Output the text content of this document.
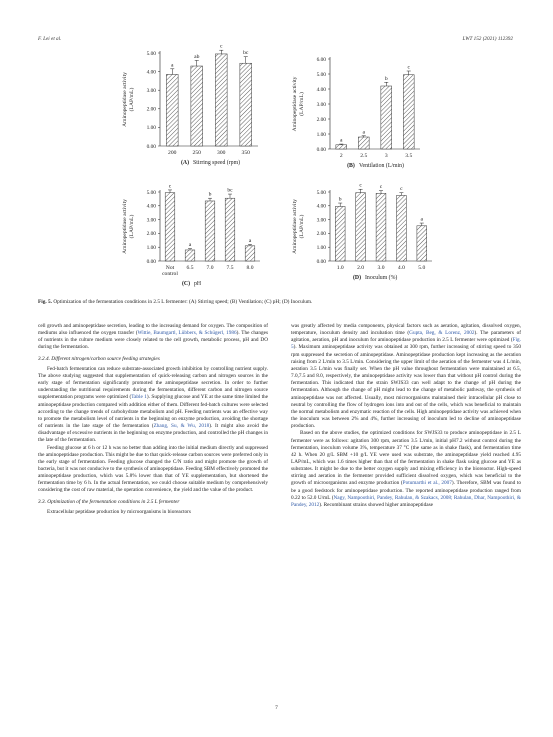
F. Lei et al.	LWT 152 (2021) 112392
0.00
1.00
2.00
3.00
4.00
5.00
Aminopeptidase activity (LAP/mL)
a
200
ab
250
c
300
bc
350
(A) Stirring speed (rpm)
0.00
1.00
2.00
3.00
4.00
5.00
6.00
Aminopeptidase activity (LAP/mL)
a
2
a
2.5
b
3
c
3.5
(B) Ventilation (L/min)
0.00
1.00
2.00
3.00
4.00
5.00
Aminopeptidase activity (LAP/mL)
c
Not
control
a
6.5
b
7.0
bc
7.5
a
8.0
(C) pH
0.00
1.00
2.00
3.00
4.00
5.00
Aminopeptidase activity (LAP/mL)
b
1.0
c
2.0
c
3.0
c
4.0
a
5.0
(D) Inoculum (%)
Fig. 5. Optimization of the fermentation conditions in 2.5 L fermenter: (A) Stirring speed; (B) Ventilation; (C) pH; (D) Inoculum.

cell growth and aminopeptidase secretion, leading to the increasing demand for oxygen. The composition of mediums also influenced the oxygen transfer (Wittie, Baumgartl, Lübbers, & Schügerl, 1986). The changes of nutrients in the culture medium were closely related to the cell growth, metabolic process, pH and DO during the fermentation.

3.2.4. Different nitrogen/carbon source feeding strategies

Fed-batch fermentation can reduce substrate-associated growth inhibition by controlling nutrient supply. The above studying suggested that supplementation of quick-releasing carbon and nitrogen sources in the early stage of fermentation significantly promoted the aminopeptidase secretion. In order to further understanding the nutritional requirements during the fermentation, different carbon and nitrogen source supplementation programs were optimized (Table 1). Supplying glucose and YE at the same time limited the aminopeptidase production compared with addition either of them. Different fed-batch cultures were selected according to the change trends of carbohydrate metabolism and pH. Feeding nutrients was an effective way to promote the metabolism level of nutrients in the beginning on enzyme production, avoiding the shortage of nutrients in the late stage of the fermentation (Zhang, Su, & Wu, 2018). It might also avoid the disadvantage of excessive nutrients in the beginning on enzyme production, and controlled the pH changes in the late of the fermentation.

Feeding glucose at 6 h or 12 h was no better than adding into the initial medium directly and suppressed the aminopeptidase production. This might be due to that quick-release carbon sources were preferred only in the early stage of fermentation. Feeding glucose changed the C/N ratio and might promote the growth of bacteria, but it was not conducive to the synthesis of aminopeptidase. Feeding SBM effectively promoted the aminopeptidase production, which was 5.8% lower than that of YE supplementation, but shortened the fermentation time by 6 h. In the actual fermentation, we could choose suitable medium by comprehensively considering the cost of raw material, the operation convenience, the yield and the value of the product.

3.3. Optimization of the fermentation conditions in 2.5 L fermenter

Extracellular peptidase production by microorganisms in bioreactors

was greatly affected by media components, physical factors such as aeration, agitation, dissolved oxygen, temperature, inoculum density and incubation time (Gupta, Beg, & Lorenz, 2002). The parameters of agitation, aeration, pH and inoculum for aminopeptidase production in 2.5 L fermenter were optimized (Fig. 5). Maximum aminopeptidase activity was obtained at 300 rpm, further increasing of stirring speed to 350 rpm suppressed the secretion of aminopeptidase. Aminopeptidase production kept increasing as the aeration raising from 2 L/min to 3.5 L/min. Considering the upper limit of the aeration of the fermenter was 4 L/min, aeration 3.5 L/min was finally set. When the pH value throughout fermentation were maintained at 6.5, 7.0,7.5 and 8.0, respectively, the aminopeptidase activity was lower than that without pH control during the fermentation. This indicated that the strain SWJS33 can well adapt to the change of pH during the fermentation. Although the change of pH might lead to the change of metabolic pathway, the synthesis of aminopeptidase was not affected. Usually, most microorganisms maintained their intracellular pH close to neutral by controlling the flow of hydrogen ions into and out of the cells, which was beneficial to maintain the normal metabolism and enzymatic reaction of the cells. High aminopeptidase activity was achieved when the inoculum was between 2% and 4%, further increasing of inoculum led to decline of aminopeptidase production.

Based on the above studies, the optimized conditions for SWJS33 to produce aminopeptidase in 2.5 L fermenter were as follows: agitation 300 rpm, aeration 3.5 L/min, initial pH7.2 without control during the fermentation, inoculum volume 3%, temperature 37 °C (the same as in shake flask), and fermentation time 42 h. When 20 g/L SBM +10 g/L YE were used was substrate, the aminopeptidase yield reached 4.95 LAP/mL, which was 1.6 times higher than that of the fermentation in shake flask using glucose and YE as substrates. It might be due to the better oxygen supply and mixing efficiency in the bioreactor. High-speed stirring and aeration in the fermenter provided sufficient dissolved oxygen, which was beneficial to the growth of microorganisms and enzyme production (Potumarthi et al., 2007). Therefore, SBM was found to be a good feedstock for aminopeptidase production. The reported aminopeptidase production ranged from 0.22 to 52.0 U/mL (Nagy, Nampoothiri, Pandey, Rahulan, & Szakacs, 2008; Rahulan, Dhar, Nampoothiri, & Pandey, 2012). Recombinant strains showed higher aminopeptidase

7
